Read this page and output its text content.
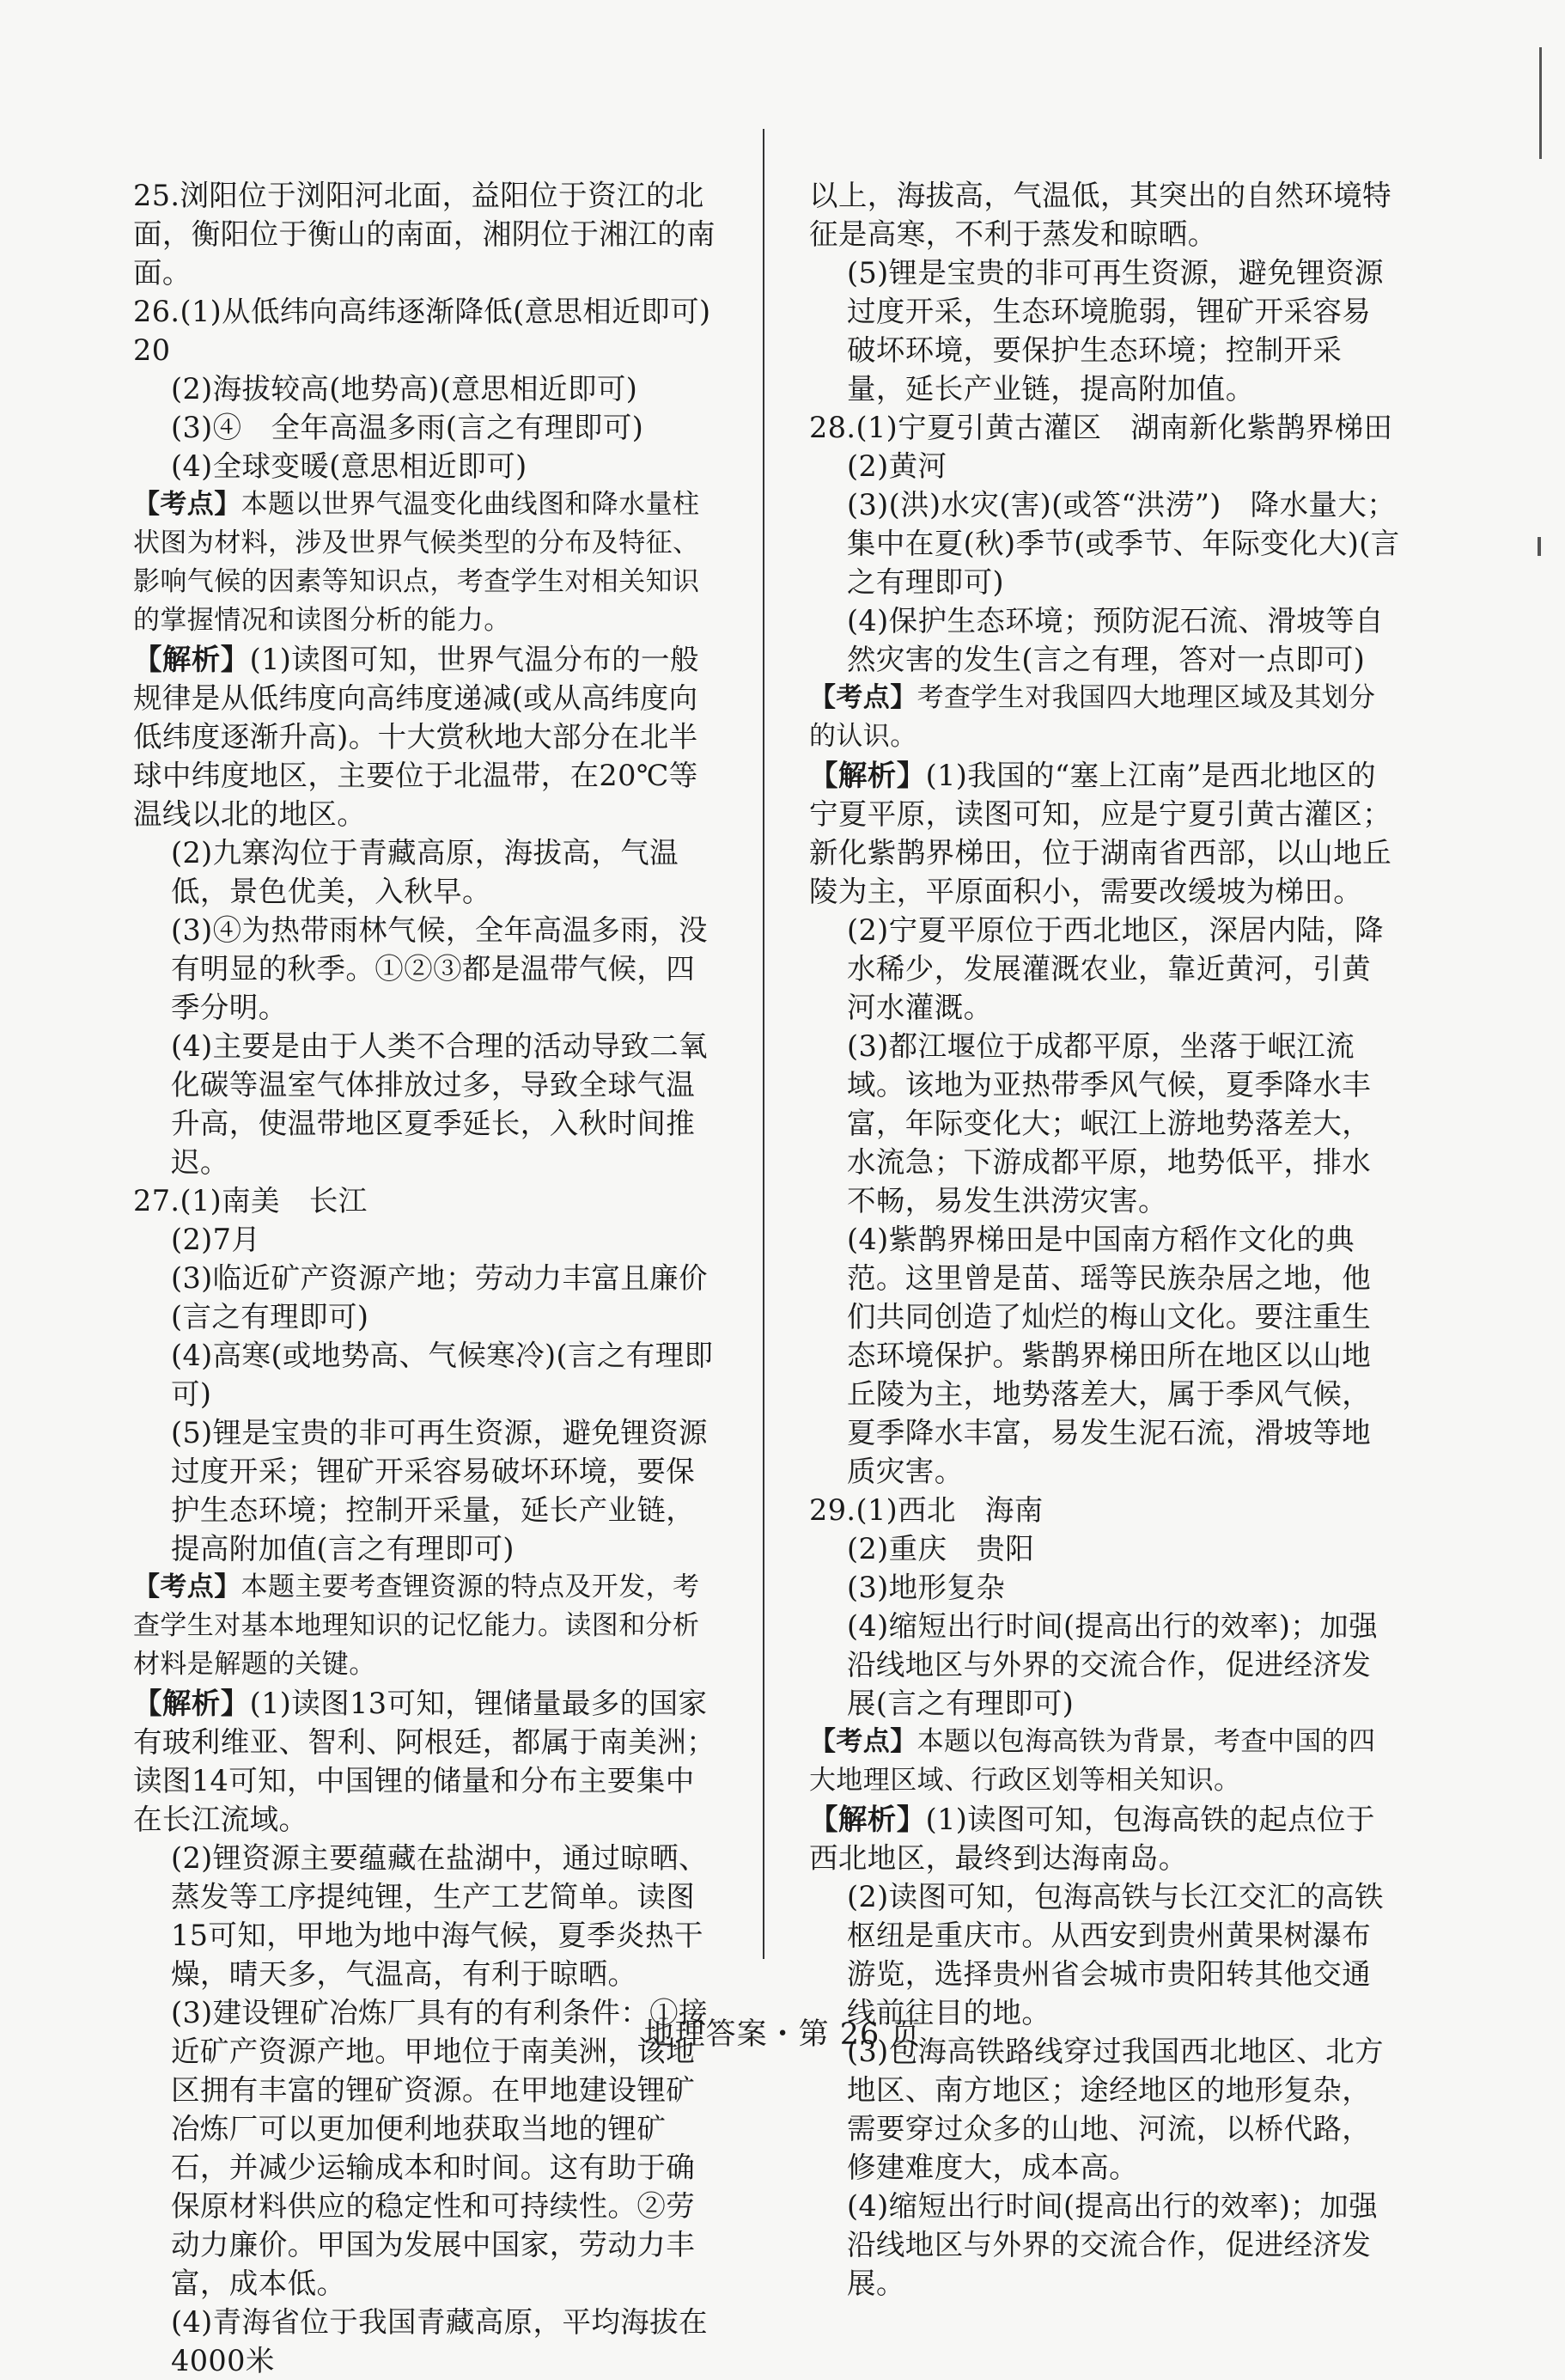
25.浏阳位于浏阳河北面，益阳位于资江的北面，衡阳位于衡山的南面，湘阴位于湘江的南面。
26.(1)从低纬向高纬逐渐降低(意思相近即可)　20
(2)海拔较高(地势高)(意思相近即可)
(3)④　全年高温多雨(言之有理即可)
(4)全球变暖(意思相近即可)
【考点】本题以世界气温变化曲线图和降水量柱状图为材料，涉及世界气候类型的分布及特征、影响气候的因素等知识点，考查学生对相关知识的掌握情况和读图分析的能力。
【解析】(1)读图可知，世界气温分布的一般规律是从低纬度向高纬度递减(或从高纬度向低纬度逐渐升高)。十大赏秋地大部分在北半球中纬度地区，主要位于北温带，在20℃等温线以北的地区。
(2)九寨沟位于青藏高原，海拔高，气温低，景色优美，入秋早。
(3)④为热带雨林气候，全年高温多雨，没有明显的秋季。①②③都是温带气候，四季分明。
(4)主要是由于人类不合理的活动导致二氧化碳等温室气体排放过多，导致全球气温升高，使温带地区夏季延长，入秋时间推迟。
27.(1)南美　长江
(2)7月
(3)临近矿产资源产地；劳动力丰富且廉价(言之有理即可)
(4)高寒(或地势高、气候寒冷)(言之有理即可)
(5)锂是宝贵的非可再生资源，避免锂资源过度开采；锂矿开采容易破坏环境，要保护生态环境；控制开采量，延长产业链，提高附加值(言之有理即可)
【考点】本题主要考查锂资源的特点及开发，考查学生对基本地理知识的记忆能力。读图和分析材料是解题的关键。
【解析】(1)读图13可知，锂储量最多的国家有玻利维亚、智利、阿根廷，都属于南美洲；读图14可知，中国锂的储量和分布主要集中在长江流域。
(2)锂资源主要蕴藏在盐湖中，通过晾晒、蒸发等工序提纯锂，生产工艺简单。读图15可知，甲地为地中海气候，夏季炎热干燥，晴天多，气温高，有利于晾晒。
(3)建设锂矿冶炼厂具有的有利条件：①接近矿产资源产地。甲地位于南美洲，该地区拥有丰富的锂矿资源。在甲地建设锂矿冶炼厂可以更加便利地获取当地的锂矿石，并减少运输成本和时间。这有助于确保原材料供应的稳定性和可持续性。②劳动力廉价。甲国为发展中国家，劳动力丰富，成本低。
(4)青海省位于我国青藏高原，平均海拔在4000米
以上，海拔高，气温低，其突出的自然环境特征是高寒，不利于蒸发和晾晒。
(5)锂是宝贵的非可再生资源，避免锂资源过度开采，生态环境脆弱，锂矿开采容易破坏环境，要保护生态环境；控制开采量，延长产业链，提高附加值。
28.(1)宁夏引黄古灌区　湖南新化紫鹊界梯田
(2)黄河
(3)(洪)水灾(害)(或答“洪涝”)　降水量大；集中在夏(秋)季节(或季节、年际变化大)(言之有理即可)
(4)保护生态环境；预防泥石流、滑坡等自然灾害的发生(言之有理，答对一点即可)
【考点】考查学生对我国四大地理区域及其划分的认识。
【解析】(1)我国的“塞上江南”是西北地区的宁夏平原，读图可知，应是宁夏引黄古灌区；新化紫鹊界梯田，位于湖南省西部，以山地丘陵为主，平原面积小，需要改缓坡为梯田。
(2)宁夏平原位于西北地区，深居内陆，降水稀少，发展灌溉农业，靠近黄河，引黄河水灌溉。
(3)都江堰位于成都平原，坐落于岷江流域。该地为亚热带季风气候，夏季降水丰富，年际变化大；岷江上游地势落差大，水流急；下游成都平原，地势低平，排水不畅，易发生洪涝灾害。
(4)紫鹊界梯田是中国南方稻作文化的典范。这里曾是苗、瑶等民族杂居之地，他们共同创造了灿烂的梅山文化。要注重生态环境保护。紫鹊界梯田所在地区以山地丘陵为主，地势落差大，属于季风气候，夏季降水丰富，易发生泥石流，滑坡等地质灾害。
29.(1)西北　海南
(2)重庆　贵阳
(3)地形复杂
(4)缩短出行时间(提高出行的效率)；加强沿线地区与外界的交流合作，促进经济发展(言之有理即可)
【考点】本题以包海高铁为背景，考查中国的四大地理区域、行政区划等相关知识。
【解析】(1)读图可知，包海高铁的起点位于西北地区，最终到达海南岛。
(2)读图可知，包海高铁与长江交汇的高铁枢纽是重庆市。从西安到贵州黄果树瀑布游览，选择贵州省会城市贵阳转其他交通线前往目的地。
(3)包海高铁路线穿过我国西北地区、北方地区、南方地区；途经地区的地形复杂，需要穿过众多的山地、河流，以桥代路，修建难度大，成本高。
(4)缩短出行时间(提高出行的效率)；加强沿线地区与外界的交流合作，促进经济发展。
地理答案・第 26 页
